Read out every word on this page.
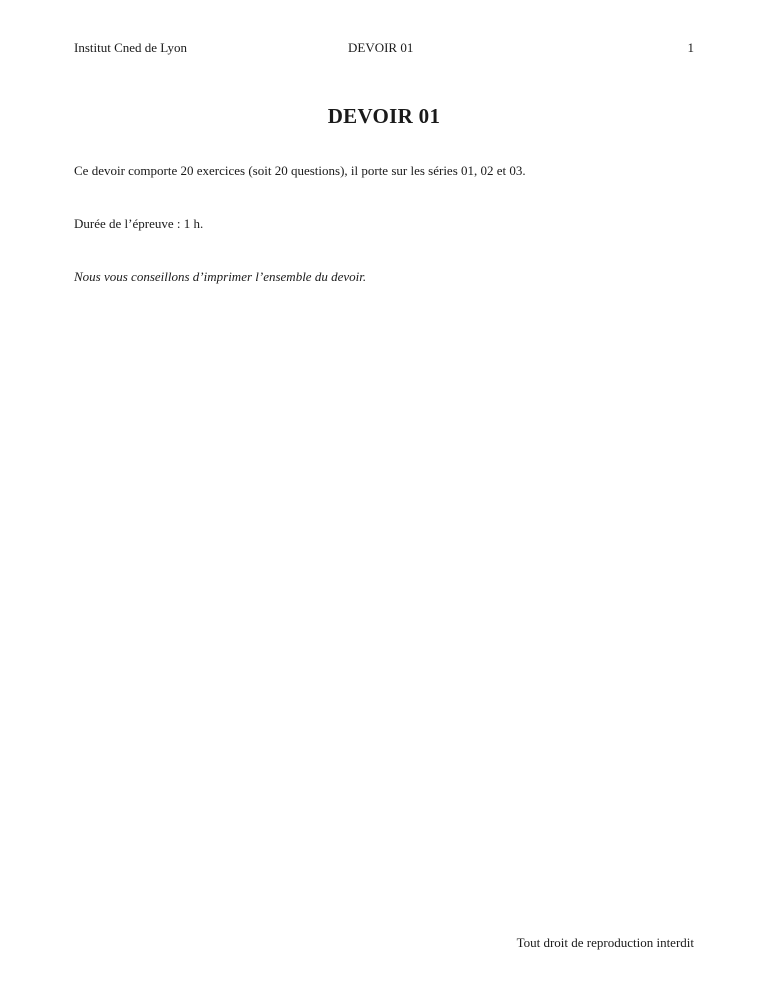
Institut Cned de Lyon	DEVOIR 01	1
DEVOIR 01
Ce devoir comporte 20 exercices (soit 20 questions), il porte sur les séries 01, 02 et 03.
Durée de l’épreuve : 1 h.
Nous vous conseillons d’imprimer l’ensemble du devoir.
Tout droit de reproduction interdit
